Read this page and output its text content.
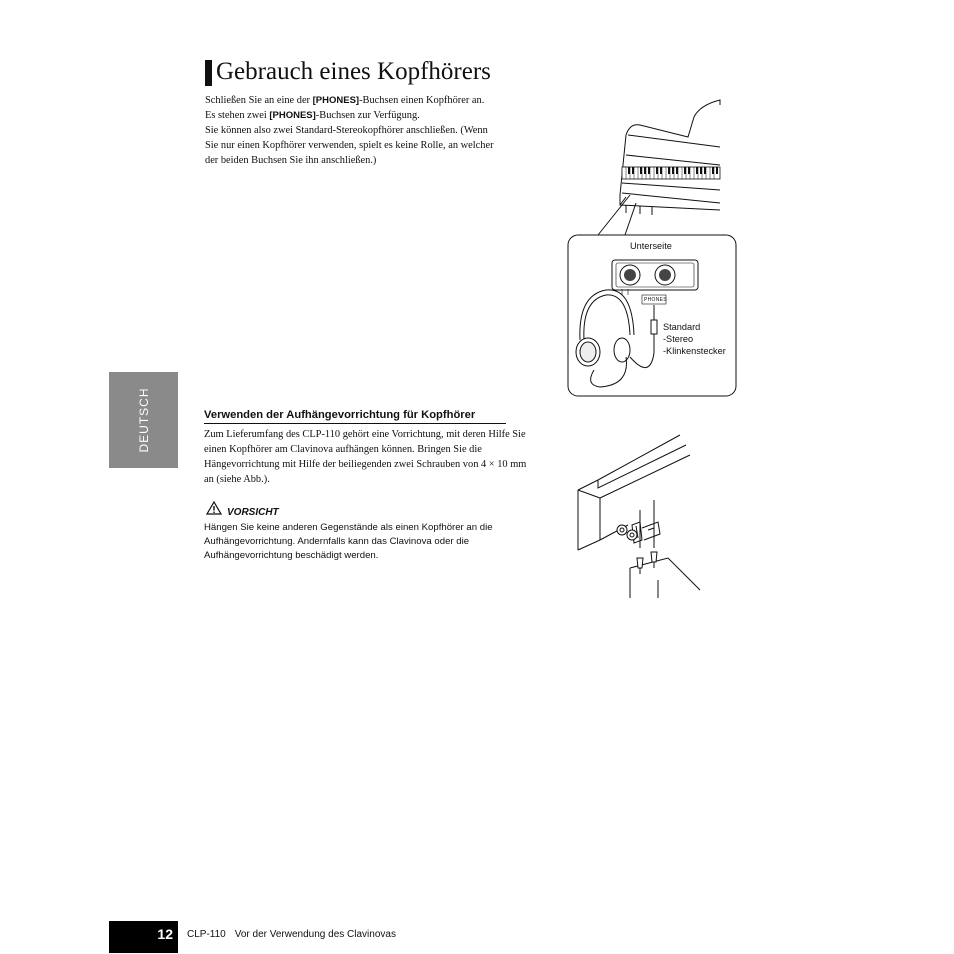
Gebrauch eines Kopfhörers
Schließen Sie an eine der [PHONES]-Buchsen einen Kopfhörer an.
Es stehen zwei [PHONES]-Buchsen zur Verfügung.
Sie können also zwei Standard-Stereokopfhörer anschließen. (Wenn
Sie nur einen Kopfhörer verwenden, spielt es keine Rolle, an welcher
der beiden Buchsen Sie ihn anschließen.)
Unterseite
PHONES
Standard
-Stereo
-Klinkenstecker
DEUTSCH	Verwenden der Aufhängevorrichtung für Kopfhörer
Zum Lieferumfang des CLP-110 gehört eine Vorrichtung, mit deren Hilfe Sie
einen Kopfhörer am Clavinova aufhängen können. Bringen Sie die
Hängevorrichtung mit Hilfe der beiliegenden zwei Schrauben von 4 × 10 mm
an (siehe Abb.).
VORSICHT
Hängen Sie keine anderen Gegenstände als einen Kopfhörer an die
Aufhängevorrichtung. Andernfalls kann das Clavinova oder die
Aufhängevorrichtung beschädigt werden.
12 CLP-110 Vor der Verwendung des Clavinovas
